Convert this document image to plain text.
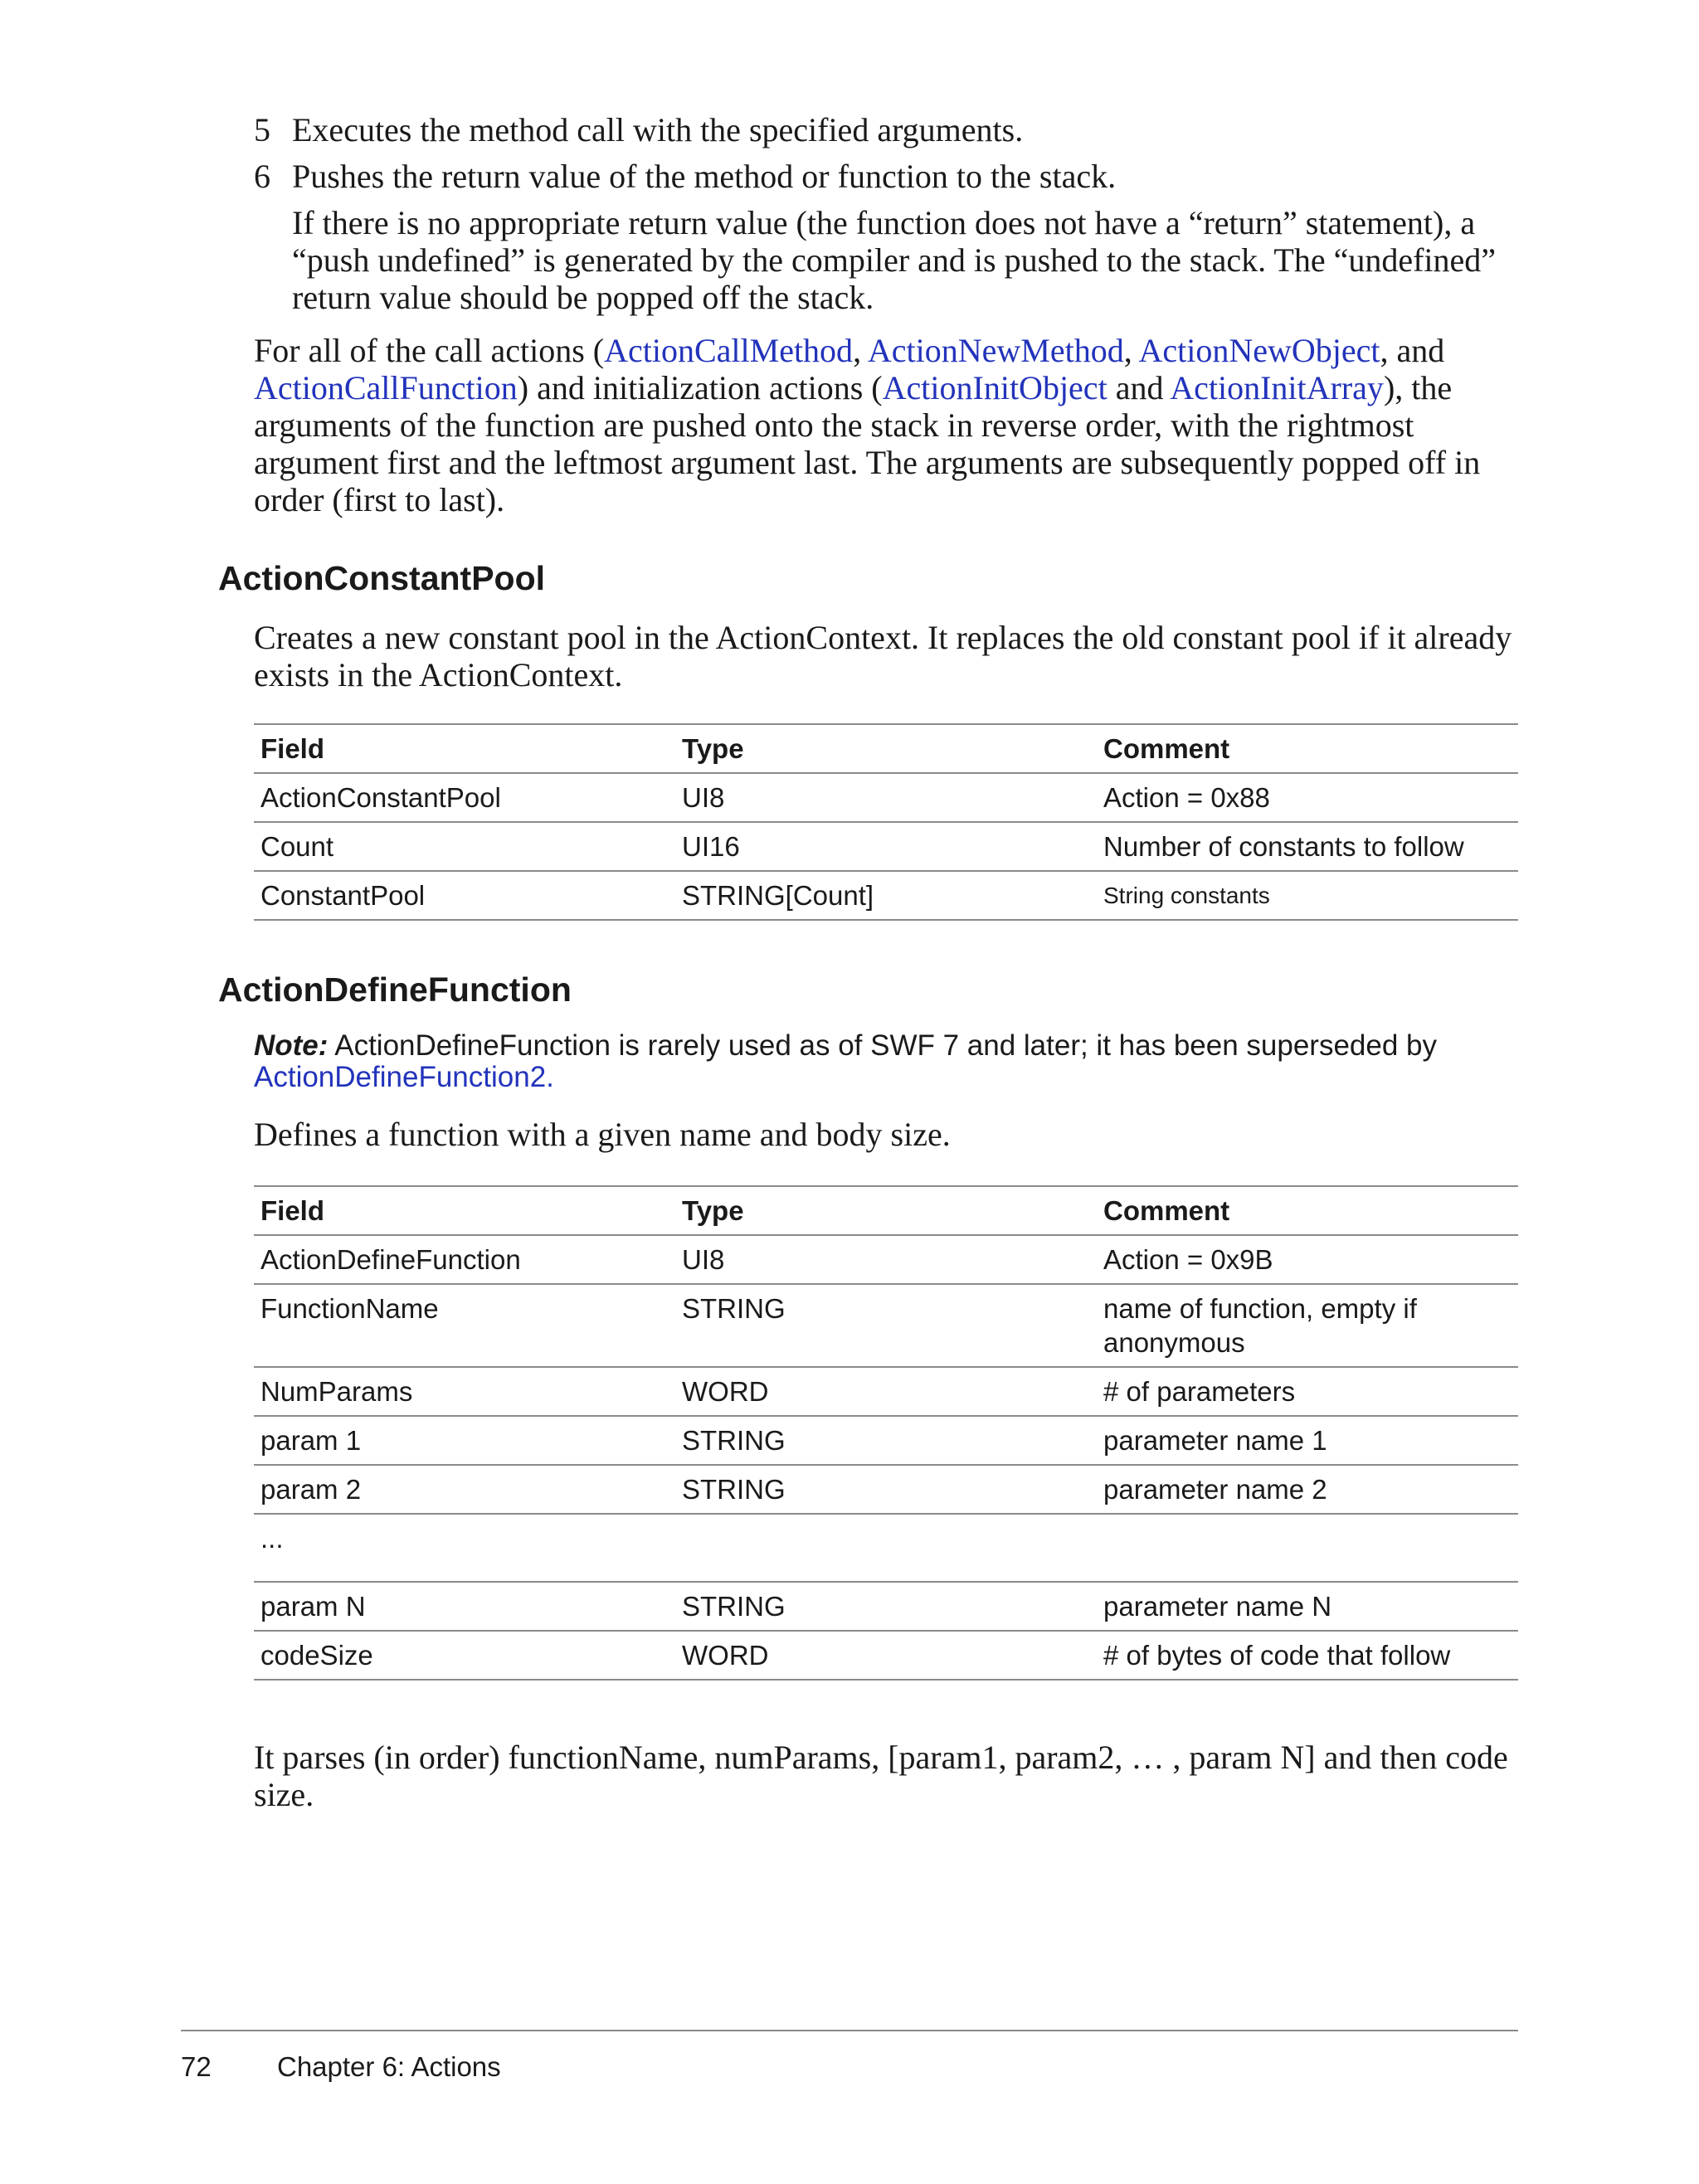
5 Executes the method call with the specified arguments.
6 Pushes the return value of the method or function to the stack.
If there is no appropriate return value (the function does not have a “return” statement), a “push undefined” is generated by the compiler and is pushed to the stack. The “undefined” return value should be popped off the stack.

For all of the call actions (ActionCallMethod, ActionNewMethod, ActionNewObject, and ActionCallFunction) and initialization actions (ActionInitObject and ActionInitArray), the arguments of the function are pushed onto the stack in reverse order, with the rightmost argument first and the leftmost argument last. The arguments are subsequently popped off in order (first to last).

ActionConstantPool

Creates a new constant pool in the ActionContext. It replaces the old constant pool if it already exists in the ActionContext.

Field	Type	Comment
ActionConstantPool	UI8	Action = 0x88
Count	UI16	Number of constants to follow
ConstantPool	STRING[Count]	String constants
ActionDefineFunction
Note: ActionDefineFunction is rarely used as of SWF 7 and later; it has been superseded by ActionDefineFunction2.

Defines a function with a given name and body size.

Field	Type	Comment
ActionDefineFunction	UI8	Action = 0x9B
FunctionName	STRING	name of function, empty if anonymous
NumParams	WORD	# of parameters
param 1	STRING	parameter name 1
param 2	STRING	parameter name 2
...		
param N	STRING	parameter name N
codeSize	WORD	# of bytes of code that follow

It parses (in order) functionName, numParams, [param1, param2, … , param N] and then code size.

72 Chapter 6: Actions
